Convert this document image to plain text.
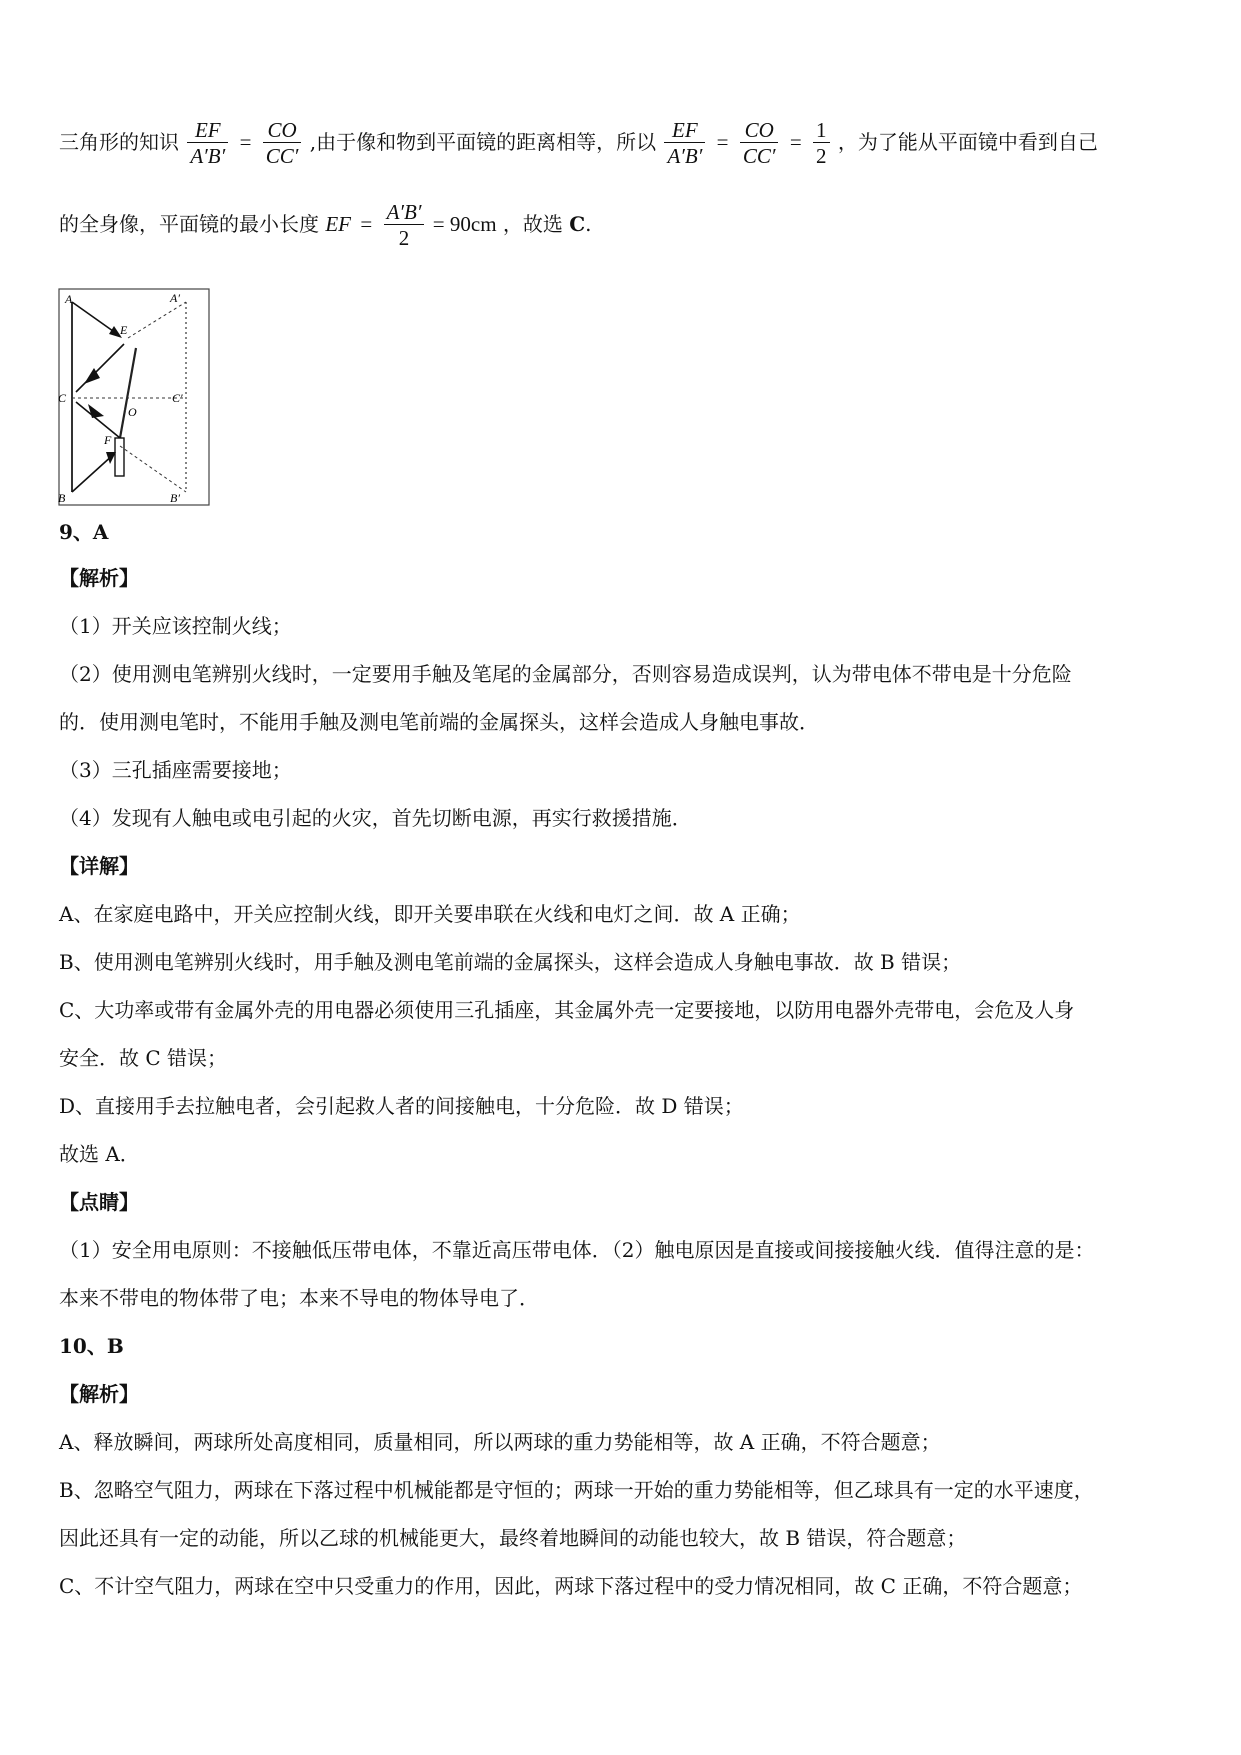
三角形的知识 $\frac{EF}{A'B'} = \frac{CO}{CC'}$ ,由于像和物到平面镜的距离相等，所以 $\frac{EF}{A'B'} = \frac{CO}{CC'} = \frac{1}{2}$ ，为了能从平面镜中看到自己
的全身像，平面镜的最小长度 EF = $\frac{A'B'}{2} = 90cm$ ，故选 C.
A	A′
E
C	C′
O
F
B	B′
9、A
【解析】
（1）开关应该控制火线；
（2）使用测电笔辨别火线时，一定要用手触及笔尾的金属部分，否则容易造成误判，认为带电体不带电是十分危险
的．使用测电笔时，不能用手触及测电笔前端的金属探头，这样会造成人身触电事故．
（3）三孔插座需要接地；
（4）发现有人触电或电引起的火灾，首先切断电源，再实行救援措施．
【详解】
A、在家庭电路中，开关应控制火线，即开关要串联在火线和电灯之间．故 A 正确；
B、使用测电笔辨别火线时，用手触及测电笔前端的金属探头，这样会造成人身触电事故．故 B 错误；
C、大功率或带有金属外壳的用电器必须使用三孔插座，其金属外壳一定要接地，以防用电器外壳带电，会危及人身
安全．故 C 错误；
D、直接用手去拉触电者，会引起救人者的间接触电，十分危险．故 D 错误；
故选 A．
【点睛】
（1）安全用电原则：不接触低压带电体，不靠近高压带电体．（2）触电原因是直接或间接接触火线．值得注意的是：
本来不带电的物体带了电；本来不导电的物体导电了．
10、B
【解析】
A、释放瞬间，两球所处高度相同，质量相同，所以两球的重力势能相等，故 A 正确，不符合题意；
B、忽略空气阻力，两球在下落过程中机械能都是守恒的；两球一开始的重力势能相等，但乙球具有一定的水平速度，
因此还具有一定的动能，所以乙球的机械能更大，最终着地瞬间的动能也较大，故 B 错误，符合题意；
C、不计空气阻力，两球在空中只受重力的作用，因此，两球下落过程中的受力情况相同，故 C 正确，不符合题意；
